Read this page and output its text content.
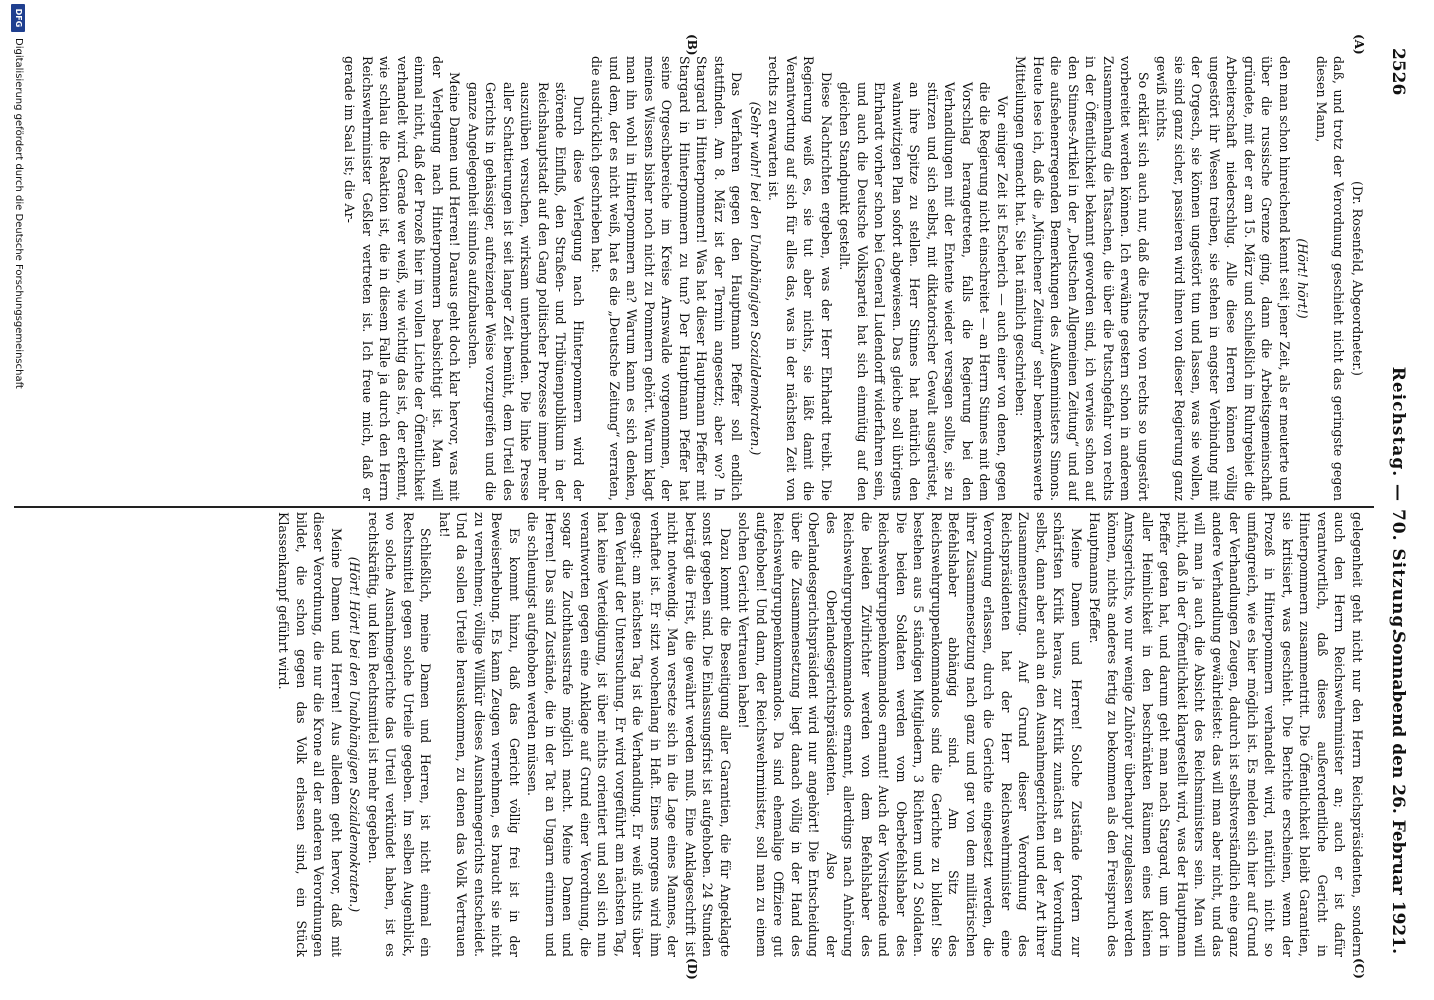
2526
Reichstag. — 70. Sitzung.
Sonnabend den 26. Februar 1921.
(A)
(B)
(C)
(D)

(Dr. Rosenfeld, Abgeordneter.)

daß, und trotz der Verordnung geschieht nicht das geringste gegen diesen Mann,

(Hört! hört!)

den man schon hinreichend kennt seit jener Zeit, als er meuterte und über die russische Grenze ging, dann die Arbeitsgemeinschaft gründete, mit der er am 15. März und schließlich im Ruhrgebiet die Arbeiterschaft niederschlug. Alle diese Herren können völlig ungestört ihr Wesen treiben, sie stehen in engster Verbindung mit der Orgesch, sie können ungestört tun und lassen, was sie wollen, sie sind ganz sicher, passieren wird ihnen von dieser Regierung ganz gewiß nichts.

So erklärt sich auch nur, daß die Putsche von rechts so ungestört vorbereitet werden können. Ich erwähne gestern schon in anderem Zusammenhang die Tatsachen, die über die Putschgefahr von rechts in der Öffentlichkeit bekannt geworden sind, ich verwies schon auf den Stinnes-Artikel in der „Deutschen Allgemeinen Zeitung“ und auf die aufsehenerregenden Bemerkungen des Außenministers Simons. Heute lese ich, daß die „Münchener Zeitung“ sehr bemerkenswerte Mitteilungen gemacht hat. Sie hat nämlich geschrieben:

Vor einiger Zeit ist Escherich — auch einer von denen, gegen die die Regierung nicht einschreitet — an Herrn Stinnes mit dem Vorschlag herangetreten, falls die Regierung bei den Verhandlungen mit der Entente wieder versagen sollte, sie zu stürzen und sich selbst, mit diktatorischer Gewalt ausgerüstet, an ihre Spitze zu stellen. Herr Stinnes hat natürlich den wahnwitzigen Plan sofort abgewiesen. Das gleiche soll übrigens Ehrhardt vorher schon bei General Ludendorff widerfahren sein, und auch die Deutsche Volkspartei hat sich einmütig auf den gleichen Standpunkt gestellt.

Diese Nachrichten ergeben, was der Herr Ehrhardt treibt. Die Regierung weiß es, sie tut aber nichts, sie läßt damit die Verantwortung auf sich für alles das, was in der nächsten Zeit von rechts zu erwarten ist.

(Sehr wahr! bei den Unabhängigen Sozialdemokraten.)

Das Verfahren gegen den Hauptmann Pfeffer soll endlich stattfinden. Am 8. März ist der Termin angesetzt; aber wo? In Stargard in Hinterpommern! Was hat dieser Hauptmann Pfeffer mit Stargard in Hinterpommern zu tun? Der Hauptmann Pfeffer hat seine Orgeschbereiche im Kreise Arnswalde vorgenommen, der meines Wissens bisher noch nicht zu Pommern gehört. Warum klagt man ihn wohl in Hinterpommern an? Warum kann es sich denken, und dem, der es nicht weiß, hat es die „Deutsche Zeitung“ verraten, die ausdrücklich geschrieben hat:

Durch diese Verlegung nach Hinterpommern wird der störende Einfluß, den Straßen- und Tribünenpublikum in der Reichshauptstadt auf den Gang politischer Prozesse immer mehr auszuüben versuchen, wirksam unterbunden. Die linke Presse aller Schattierungen ist seit langer Zeit bemüht, dem Urteil des Gerichts in gehässiger, aufreizender Weise vorzugreifen und die ganze Angelegenheit sinnlos aufzubauschen.

Meine Damen und Herren! Daraus geht doch klar hervor, was mit der Verlegung nach Hinterpommern beabsichtigt ist. Man will einmal nicht, daß der Prozeß hier im vollen Lichte der Öffentlichkeit verhandelt wird. Gerade wer weiß, wie wichtig das ist, der erkennt, wie schlau die Reaktion ist, die in diesem Falle ja durch den Herrn Reichswehrminister Geßler vertreten ist. Ich freue mich, daß er gerade im Saal ist; die Ar-

gelegenheit geht nicht nur den Herrn Reichspräsidenten, sondern auch den Herrn Reichswehrminister an; auch er ist dafür verantwortlich, daß dieses außerordentliche Gericht in Hinterpommern zusammentritt. Die Öffentlichkeit bleibt Garantien, sie kritisiert, was geschieht. Die Berichte erscheinen, wenn der Prozeß in Hinterpommern verhandelt wird, natürlich nicht so umfangreich, wie es hier möglich ist. Es melden sich hier auf Grund der Verhandlungen Zeugen, dadurch ist selbstverständlich eine ganz andere Verhandlung gewährleistet: das will man aber nicht, und das will man ja auch die Absicht des Reichsministers sein. Man will nicht, daß in der Öffentlichkeit klargestellt wird, was der Hauptmann Pfeffer getan hat, und darum geht man nach Stargard, um dort in aller Heimlichkeit in den beschränkten Räumen eines kleinen Amtsgerichts, wo nur wenige Zuhörer überhaupt zugelassen werden können, nichts anderes fertig zu bekommen als den Freispruch des Hauptmanns Pfeffer.

Meine Damen und Herren! Solche Zustände fordern zur schärfsten Kritik heraus, zur Kritik zunächst an der Verordnung selbst, dann aber auch an den Ausnahmegerichten und der Art ihrer Zusammensetzung. Auf Grund dieser Verordnung des Reichspräsidenten hat der Herr Reichswehrminister eine Verordnung erlassen, durch die Gerichte eingesetzt werden, die ihrer Zusammensetzung nach ganz und gar von dem militärischen Befehlshaber abhängig sind. Am Sitz des Reichswehrgruppenkommandos sind die Gerichte zu bilden! Sie bestehen aus 5 ständigen Mitgliedern, 3 Richtern und 2 Soldaten. Die beiden Soldaten werden vom Oberbefehlshaber des Reichswehrgruppenkommandos ernannt! Auch der Vorsitzende und die beiden Zivilrichter werden von dem Befehlshaber des Reichswehrgruppenkommandos ernannt, allerdings nach Anhörung des Oberlandesgerichtspräsidenten. Also der Oberlandesgerichtspräsident wird nur angehört! Die Entscheidung über die Zusammensetzung liegt danach völlig in der Hand des Reichswehrgruppenkommandos. Da sind ehemalige Offiziere gut aufgehoben! Und dann, der Reichswehrminister, soll man zu einem solchen Gericht Vertrauen haben!

Dazu kommt die Beseitigung aller Garantien, die für Angeklagte sonst gegeben sind. Die Einlassungsfrist ist aufgehoben. 24 Stunden beträgt die Frist, die gewährt werden muß. Eine Anklageschrift ist nicht notwendig. Man versetze sich in die Lage eines Mannes, der verhaftet ist. Er sitzt wochenlang in Haft. Eines morgens wird ihm gesagt: am nächsten Tag ist die Verhandlung. Er weiß nichts über den Verlauf der Untersuchung. Er wird vorgeführt am nächsten Tag, hat keine Verteidigung, ist über nichts orientiert und soll sich nun verantworten gegen eine Anklage auf Grund einer Verordnung, die sogar die Zuchthausstrafe möglich macht. Meine Damen und Herren! Das sind Zustände, die in der Tat an Ungarn erinnern und die schleunigst aufgehoben werden müssen.

Es kommt hinzu, daß das Gericht völlig frei ist in der Beweiserhebung. Es kann Zeugen vernehmen, es braucht sie nicht zu vernehmen; völlige Willkür dieses Ausnahmegerichts entscheidet. Und da sollen Urteile herauskommen, zu denen das Volk Vertrauen hat!

Schließlich, meine Damen und Herren, ist nicht einmal ein Rechtsmittel gegen solche Urteile gegeben. Im selben Augenblick, wo solche Ausnahmegerichte das Urteil verkündet haben, ist es rechtskräftig, und kein Rechtsmittel ist mehr gegeben.

(Hört! Hört! bei den Unabhängigen Sozialdemokraten.)

Meine Damen und Herren! Aus alledem geht hervor, daß mit dieser Verordnung, die nur die Krone all der anderen Verordnungen bildet, die schon gegen das Volk erlassen sind, ein Stück Klassenkampf geführt wird.

DFG
Digitalisierung gefördert durch die Deutsche Forschungsgemeinschaft
